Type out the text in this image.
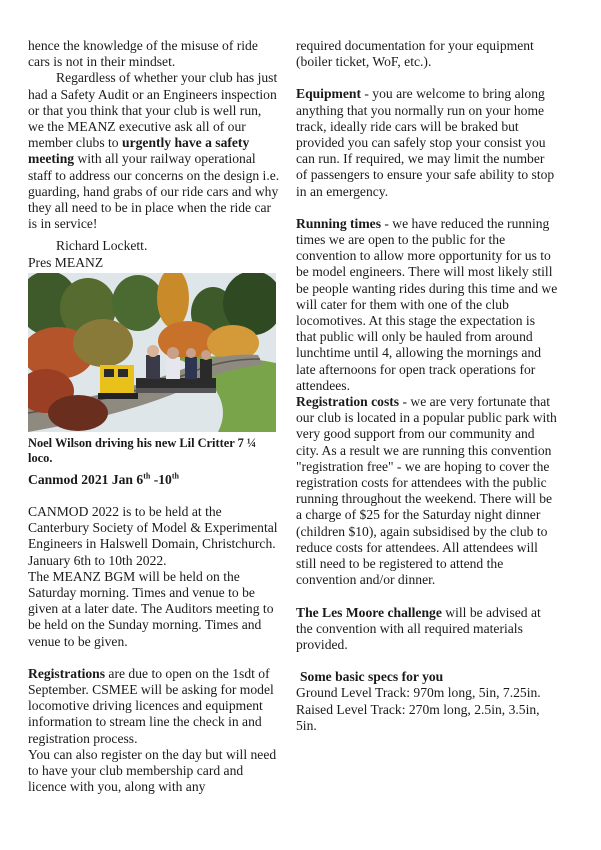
hence the knowledge of the misuse of ride cars is not in their mindset.

Regardless of whether your club has just had a Safety Audit or an Engineers inspection or that you think that your club is well run, we the MEANZ executive ask all of our member clubs to urgently have a safety meeting with all your railway operational staff to address our concerns on the design i.e. guarding, hand grabs of our ride cars and why they all need to be in place when the ride car is in service!

Richard Lockett.

Pres MEANZ

Noel Wilson driving his new Lil Critter 7 ¼ loco.

Canmod 2021 Jan 6th -10th

CANMOD 2022 is to be held at the Canterbury Society of Model & Experimental Engineers in Halswell Domain, Christchurch.

January 6th to 10th 2022.

The MEANZ BGM will be held on the Saturday morning. Times and venue to be given at a later date. The Auditors meeting to be held on the Sunday morning. Times and venue to be given.

Registrations are due to open on the 1sdt of September. CSMEE will be asking for model locomotive driving licences and equipment information to stream line the check in and registration process.

You can also register on the day but will need to have your club membership card and licence with you, along with any

required documentation for your equipment (boiler ticket, WoF, etc.).

Equipment - you are welcome to bring along anything that you normally run on your home track, ideally ride cars will be braked but provided you can safely stop your consist you can run. If required, we may limit the number of passengers to ensure your safe ability to stop in an emergency.

Running times - we have reduced the running times we are open to the public for the convention to allow more opportunity for us to be model engineers. There will most likely still be people wanting rides during this time and we will cater for them with one of the club locomotives. At this stage the expectation is that public will only be hauled from around lunchtime until 4, allowing the mornings and late afternoons for open track operations for attendees.

Registration costs - we are very fortunate that our club is located in a popular public park with very good support from our community and city. As a result we are running this convention "registration free" - we are hoping to cover the registration costs for attendees with the public running throughout the weekend. There will be a charge of $25 for the Saturday night dinner (children $10), again subsidised by the club to reduce costs for attendees. All attendees will still need to be registered to attend the convention and/or dinner.

The Les Moore challenge will be advised at the convention with all required materials provided.

Some basic specs for you

Ground Level Track: 970m long, 5in, 7.25in.

Raised Level Track: 270m long, 2.5in, 3.5in, 5in.
